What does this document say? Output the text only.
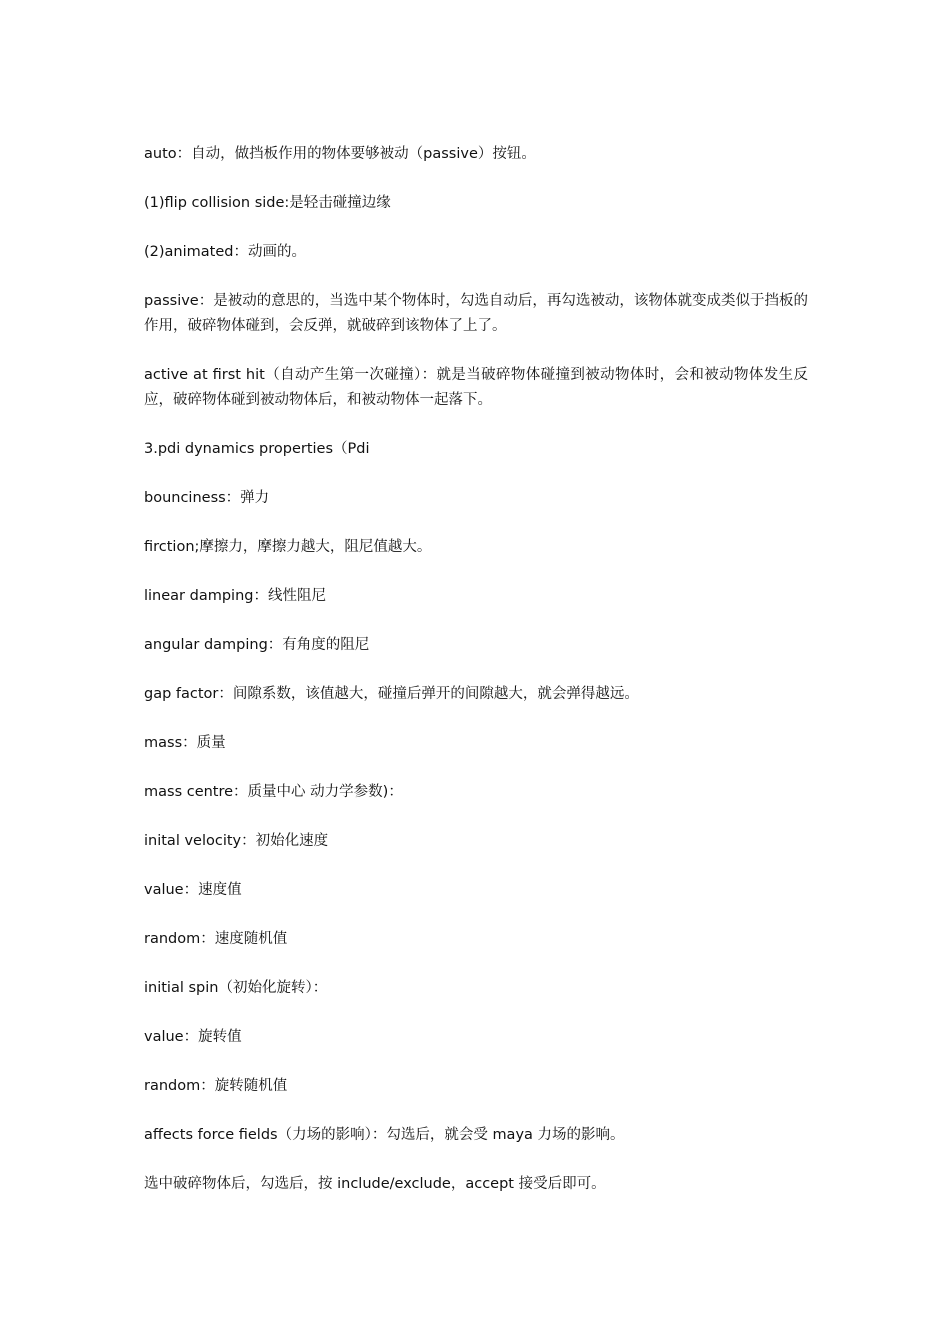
auto：自动，做挡板作用的物体要够被动（passive）按钮。

(1)flip collision side:是轻击碰撞边缘

(2)animated：动画的。

passive：是被动的意思的，当选中某个物体时，勾选自动后，再勾选被动，该物体就变成类似于挡板的作用，破碎物体碰到，会反弹，就破碎到该物体了上了。

active at first hit（自动产生第一次碰撞）：就是当破碎物体碰撞到被动物体时，会和被动物体发生反应，破碎物体碰到被动物体后，和被动物体一起落下。

3.pdi dynamics properties（Pdi

bounciness：弹力

firction;摩擦力，摩擦力越大，阻尼值越大。

linear damping：线性阻尼

angular damping：有角度的阻尼

gap factor：间隙系数，该值越大，碰撞后弹开的间隙越大，就会弹得越远。

mass：质量

mass centre：质量中心 动力学参数)：

inital velocity：初始化速度

value：速度值

random：速度随机值

initial spin（初始化旋转）：

value：旋转值

random：旋转随机值

affects force fields（力场的影响）：勾选后，就会受 maya 力场的影响。

选中破碎物体后，勾选后，按 include/exclude，accept 接受后即可。
